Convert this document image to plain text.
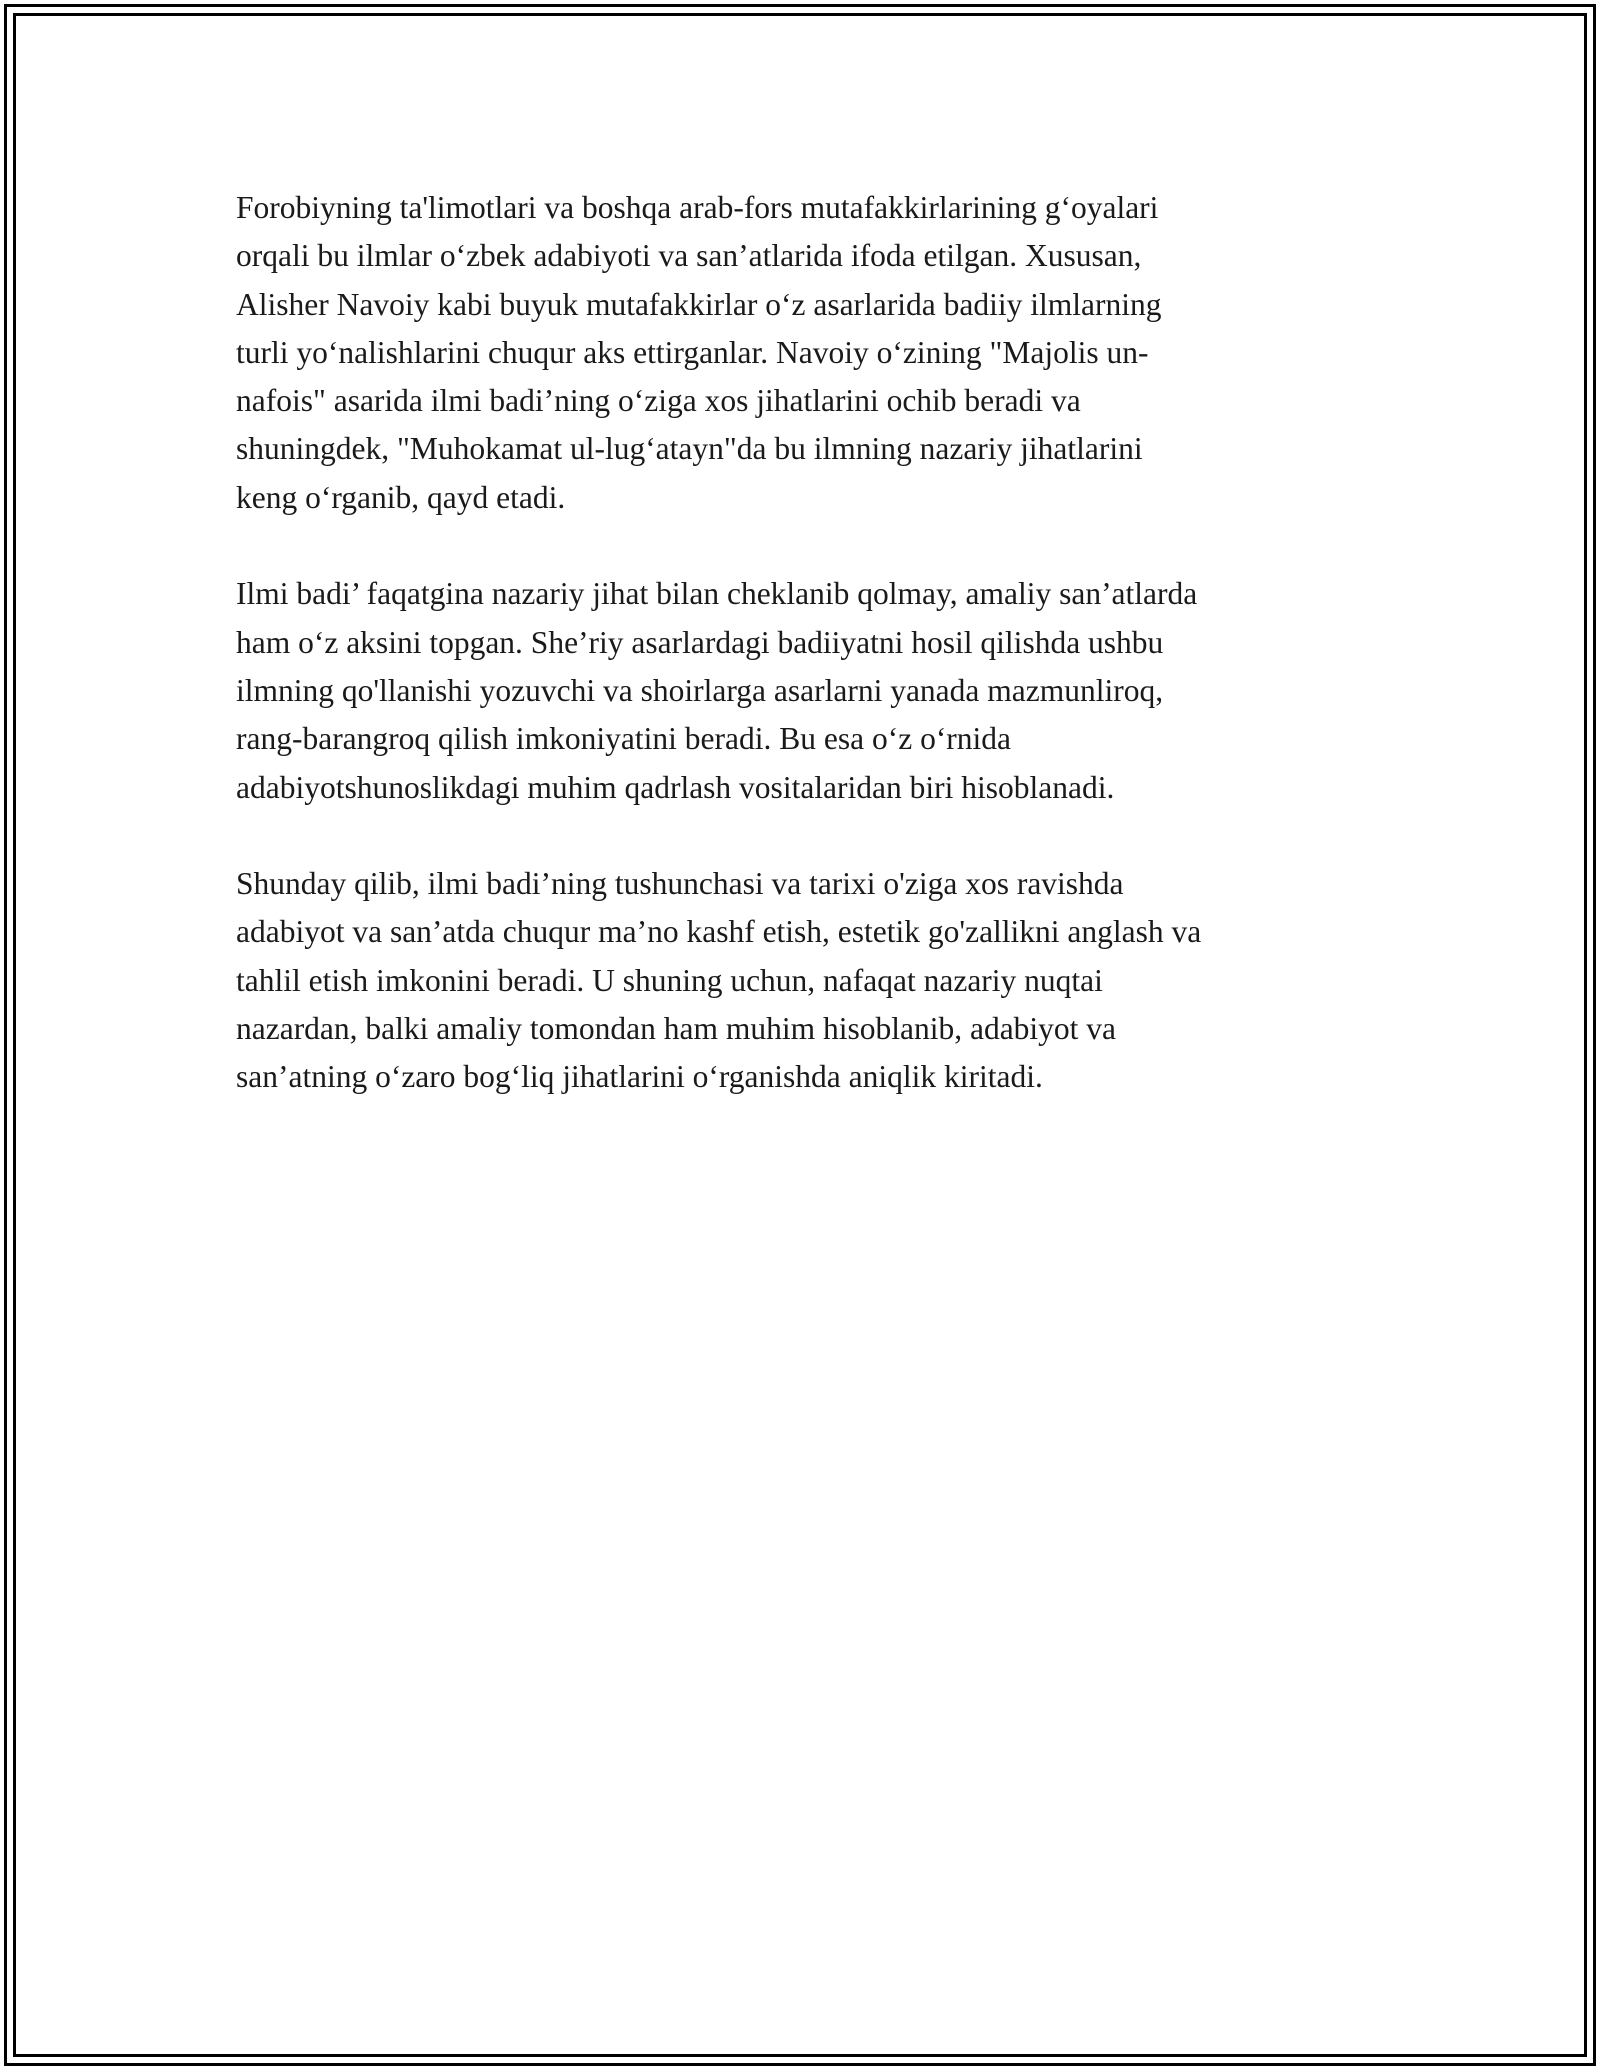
Forobiyning ta'limotlari va boshqa arab-fors mutafakkirlarining g‘oyalari
orqali bu ilmlar o‘zbek adabiyoti va san’atlarida ifoda etilgan. Xususan,
Alisher Navoiy kabi buyuk mutafakkirlar o‘z asarlarida badiiy ilmlarning
turli yo‘nalishlarini chuqur aks ettirganlar. Navoiy o‘zining "Majolis un-
nafois" asarida ilmi badi’ning o‘ziga xos jihatlarini ochib beradi va
shuningdek, "Muhokamat ul-lug‘atayn"da bu ilmning nazariy jihatlarini
keng o‘rganib, qayd etadi.

Ilmi badi’ faqatgina nazariy jihat bilan cheklanib qolmay, amaliy san’atlarda
ham o‘z aksini topgan. She’riy asarlardagi badiiyatni hosil qilishda ushbu
ilmning qo'llanishi yozuvchi va shoirlarga asarlarni yanada mazmunliroq,
rang-barangroq qilish imkoniyatini beradi. Bu esa o‘z o‘rnida
adabiyotshunoslikdagi muhim qadrlash vositalaridan biri hisoblanadi.

Shunday qilib, ilmi badi’ning tushunchasi va tarixi o'ziga xos ravishda
adabiyot va san’atda chuqur ma’no kashf etish, estetik go'zallikni anglash va
tahlil etish imkonini beradi. U shuning uchun, nafaqat nazariy nuqtai
nazardan, balki amaliy tomondan ham muhim hisoblanib, adabiyot va
san’atning o‘zaro bog‘liq jihatlarini o‘rganishda aniqlik kiritadi.
